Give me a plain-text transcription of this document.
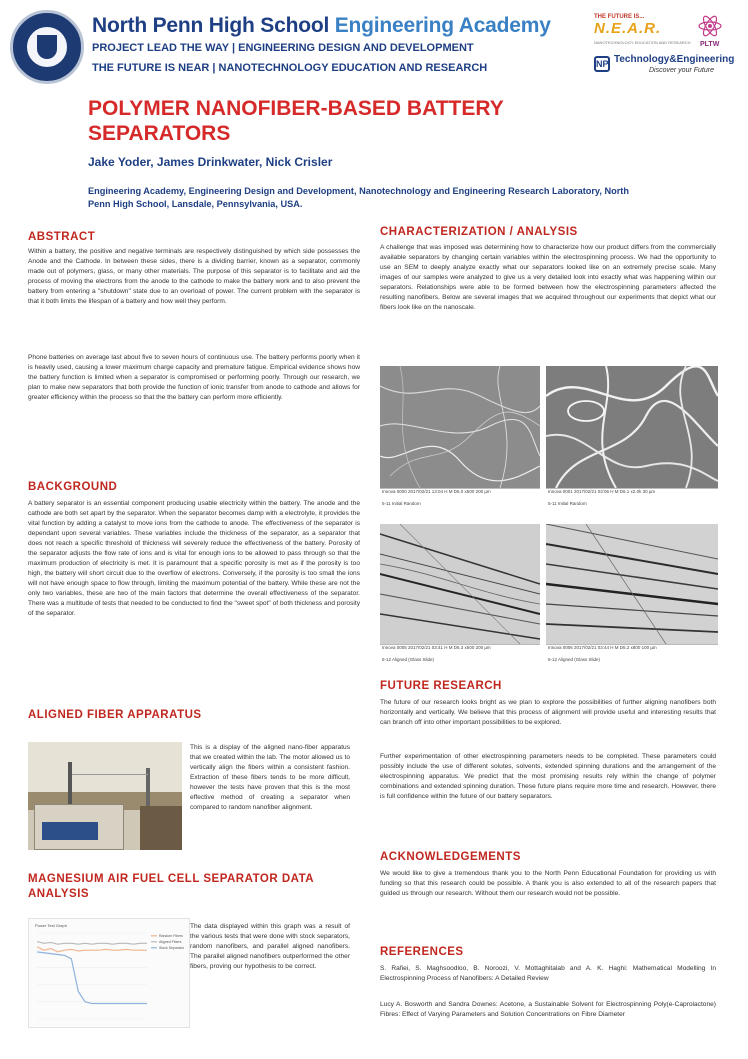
North Penn High School Engineering Academy
PROJECT LEAD THE WAY | ENGINEERING DESIGN AND DEVELOPMENT
THE FUTURE IS NEAR | NANOTECHNOLOGY EDUCATION AND RESEARCH
THE FUTURE IS...
N.E.A.R.
NANOTECHNOLOGY EDUCATION AND RESEARCH PLTW
NP Technology&Engineering
Discover your Future
POLYMER NANOFIBER-BASED BATTERY SEPARATORS
Jake Yoder, James Drinkwater, Nick Crisler
Engineering Academy, Engineering Design and Development, Nanotechnology and Engineering Research Laboratory, North Penn High School, Lansdale, Pennsylvania, USA.
ABSTRACT
Within a battery, the positive and negative terminals are respectively distinguished by which side possesses the Anode and the Cathode. In between these sides, there is a dividing barrier, known as a separator, commonly made out of polymers, glass, or many other materials. The purpose of this separator is to facilitate and aid the process of moving the electrons from the anode to the cathode to make the battery work and to also prevent the battery from entering a "shutdown" state due to an overload of power. The current problem with the separator is that it both limits the lifespan of a battery and how well they perform.
Phone batteries on average last about five to seven hours of continuous use. The battery performs poorly when it is heavily used, causing a lower maximum charge capacity and premature fatigue. Empirical evidence shows how the battery function is limited when a separator is compromised or performing poorly. Through our research, we plan to make new separators that both provide the function of ionic transfer from anode to cathode and allows for greater efficiency within the process so that the the battery can perform more efficiently.
BACKGROUND
A battery separator is an essential component producing usable electricity within the battery. The anode and the cathode are both set apart by the separator. When the separator becomes damp with a electrolyte, it provides the vital function by adding a catalyst to move ions from the cathode to anode. The effectiveness of the separator is dependant upon several variables. These variables include the thickness of the separator, as a separator that does not reach a specific threshold of thickness will severely reduce the effectiveness of the battery. Porosity of the separator adjusts the flow rate of ions and is vital for enough ions to be allowed to pass through so that the maximum production of electricity is met. It is paramount that a specific porosity is met as if the porosity is too high, the battery will short circuit due to the overflow of electrons. Conversely, if the porosity is too small the ions will not have enough space to flow through, limiting the maximum potential of the battery. While these are not the only two variables, these are two of the main factors that determine the overall effectiveness of the separator. There was a multitude of tests that needed to be conducted to find the "sweet spot" of both thickness and porosity of the separator.
ALIGNED FIBER APPARATUS
This is a display of the aligned nano-fiber apparatus that we created within the lab. The motor allowed us to vertically align the fibers within a consistent fashion. Extraction of these fibers tends to be more difficult, however the tests have proven that this is the most effective method of creating a separator when compared to random nanofiber alignment.
MAGNESIUM AIR FUEL CELL SEPARATOR DATA ANALYSIS
Power Test Graph
Random Fibers
Aligned Fibers
Stock Separator
The data displayed within this graph was a result of the various tests that were done with stock separators, random nanofibers, and parallel aligned nanofibers. The parallel aligned nanofibers outperformed the other fibers, proving our hypothesis to be correct.
CHARACTERIZATION / ANALYSIS
A challenge that was imposed was determining how to characterize how our product differs from the commercially available separators by changing certain variables within the electrospinning process. We had the opportunity to use an SEM to deeply analyze exactly what our separators looked like on an extremely precise scale. Many images of our samples were analyzed to give us a very detailed look into exactly what was happening within our separators. Relationships were able to be formed between how the electrospinning parameters affected the resulting nanofibers. Below are several images that we acquired throughout our experiments that depict what our fibers look like on the nanoscale.
Innova 0000 2017/02/21 13:04 H M D6.0 x500 200 µm
5-11 Initial Random
Innova 0001 2017/02/21 03:06 H M D6.1 x2.0k 30 µm
5-11 Initial Random
Innova 0005 2017/02/21 03:41 H M D6.3 x500 200 µm
5-12 Aligned (Glass Slide)
Innova 0006 2017/02/21 03:44 H M D6.2 x800 100 µm
5-12 Aligned (Glass Slide)
FUTURE RESEARCH
The future of our research looks bright as we plan to explore the possibilities of further aligning nanofibers both horizontally and vertically. We believe that this process of alignment will provide useful and interesting results that can branch off into other important possibilities to be explored.
Further experimentation of other electrospinning parameters needs to be completed. These parameters could possibly include the use of different solutes, solvents, extended spinning durations and the arrangement of the electrospinning apparatus. We predict that the most promising results rely within the change of polymer combinations and extended spinning duration. These future plans require more time and research. However, there is full confidence within the future of our battery separators.
ACKNOWLEDGEMENTS
We would like to give a tremendous thank you to the North Penn Educational Foundation for providing us with funding so that this research could be possible. A thank you is also extended to all of the research papers that guided us through our research. Without them our research would not be possible.
REFERENCES
S. Rafiei, S. Maghsoodloo, B. Noroozi, V. Mottaghitalab and A. K. Haghi: Mathematical Modelling In Electrospinning Process of Nanofibers: A Detailed Review
Lucy A. Bosworth and Sandra Downes: Acetone, a Sustainable Solvent for Electrospinning Poly(e-Caprolactone) Fibres: Effect of Varying Parameters and Solution Concentrations on Fibre Diameter
